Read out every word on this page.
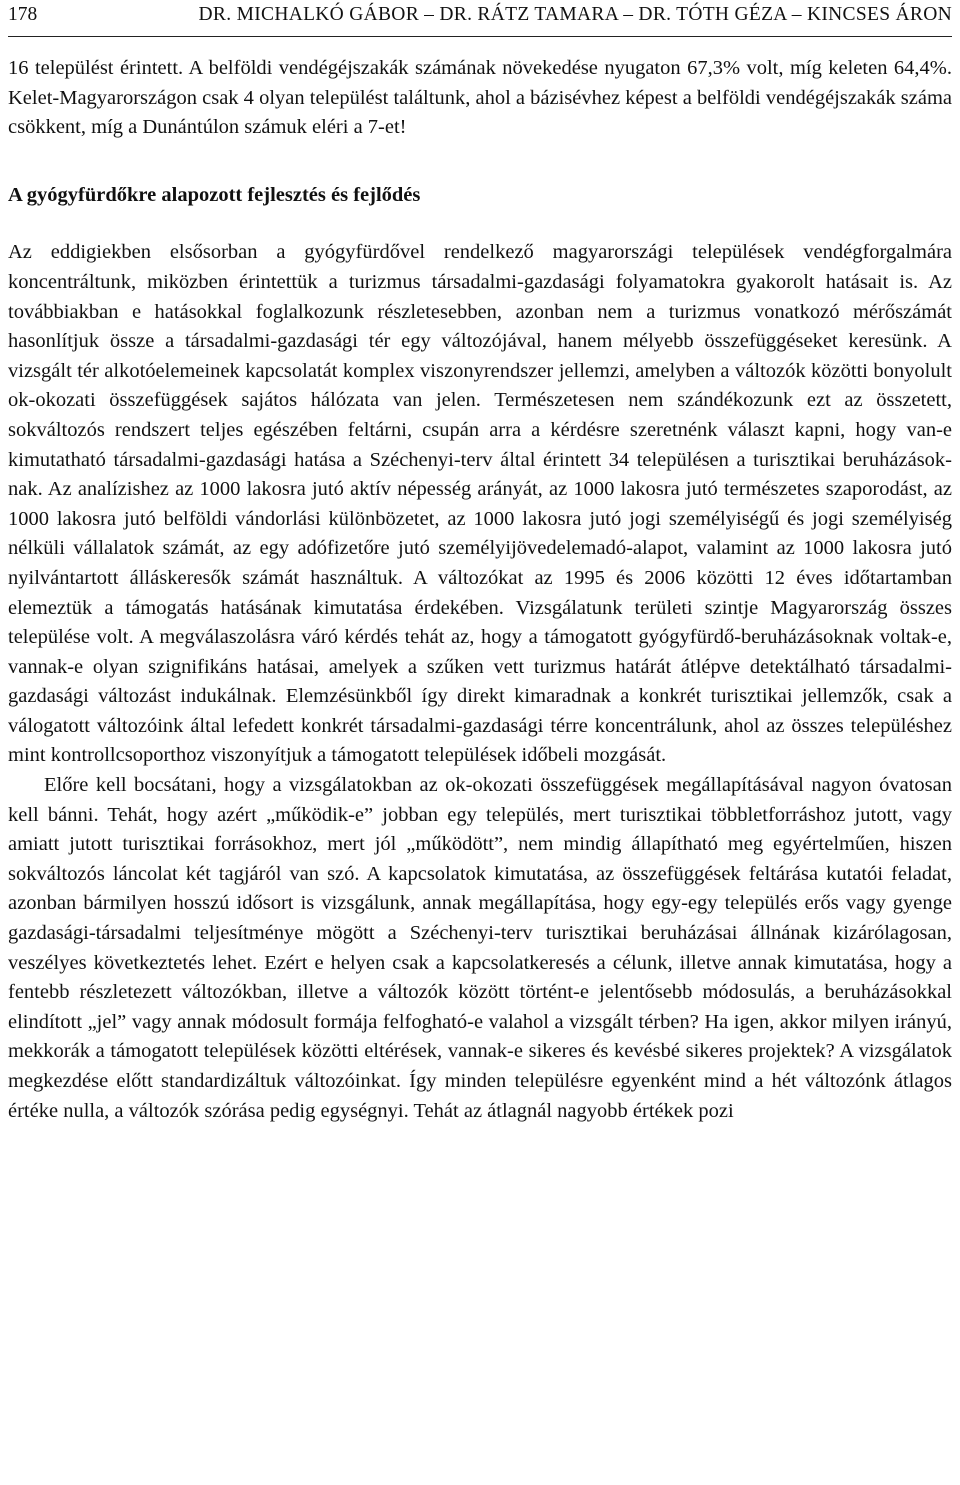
178	DR. MICHALKÓ GÁBOR – DR. RÁTZ TAMARA – DR. TÓTH GÉZA – KINCSES ÁRON

16 települést érintett. A belföldi vendégéjszakák számának növekedése nyugaton 67,3% volt, míg keleten 64,4%. Kelet-Magyarországon csak 4 olyan települést találtunk, ahol a bázisévhez képest a belföldi vendégéjszakák száma csökkent, míg a Dunántúlon számuk eléri a 7-et!

A gyógyfürdőkre alapozott fejlesztés és fejlődés

Az eddigiekben elsősorban a gyógyfürdővel rendelkező magyarországi települések vendégforgalmára koncentráltunk, miközben érintettük a turizmus társadalmi-gazdasági folyamatokra gyakorolt hatásait is. Az továbbiakban e hatásokkal foglalkozunk részletesebben, azonban nem a turizmus vonatkozó mérőszámát hasonlítjuk össze a társadalmi-gazdasági tér egy változójával, hanem mélyebb összefüggéseket keresünk. A vizsgált tér alkotóelemeinek kapcsolatát komplex viszonyrendszer jellemzi, amelyben a változók közötti bonyolult ok-okozati összefüggések sajátos hálózata van jelen. Természetesen nem szándékozunk ezt az összetett, sokváltozós rendszert teljes egészében feltárni, csupán arra a kérdésre szeretnénk választ kapni, hogy van-e kimutatható társadalmi-gazdasági hatása a Széchenyi-terv által érintett 34 településen a turisztikai beruházásoknak. Az analízishez az 1000 lakosra jutó aktív népesség arányát, az 1000 lakosra jutó természetes szaporodást, az 1000 lakosra jutó belföldi vándorlási különbözetet, az 1000 lakosra jutó jogi személyiségű és jogi személyiség nélküli vállalatok számát, az egy adófizetőre jutó személyijövedelemadó-alapot, valamint az 1000 lakosra jutó nyilvántartott álláskeresők számát használtuk. A változókat az 1995 és 2006 közötti 12 éves időtartamban elemeztük a támogatás hatásának kimutatása érdekében. Vizsgálatunk területi szintje Magyarország összes települése volt. A megválaszolásra váró kérdés tehát az, hogy a támogatott gyógyfürdő-beruházásoknak voltak-e, vannak-e olyan szignifikáns hatásai, amelyek a szűken vett turizmus határát átlépve detektálható társadalmi-gazdasági változást indukálnak. Elemzésünkből így direkt kimaradnak a konkrét turisztikai jellemzők, csak a válogatott változóink által lefedett konkrét társadalmi-gazdasági térre koncentrálunk, ahol az összes településhez mint kontrollcsoporthoz viszonyítjuk a támogatott települések időbeli mozgását.

Előre kell bocsátani, hogy a vizsgálatokban az ok-okozati összefüggések megállapításával nagyon óvatosan kell bánni. Tehát, hogy azért „működik-e” jobban egy település, mert turisztikai többletforráshoz jutott, vagy amiatt jutott turisztikai forrásokhoz, mert jól „működött”, nem mindig állapítható meg egyértelműen, hiszen sokváltozós láncolat két tagjáról van szó. A kapcsolatok kimutatása, az összefüggések feltárása kutatói feladat, azonban bármilyen hosszú idősort is vizsgálunk, annak megállapítása, hogy egy-egy település erős vagy gyenge gazdasági-társadalmi teljesítménye mögött a Széchenyi-terv turisztikai beruházásai állnának kizárólagosan, veszélyes következtetés lehet. Ezért e helyen csak a kapcsolatkeresés a célunk, illetve annak kimutatása, hogy a fentebb részletezett változókban, illetve a változók között történt-e jelentősebb módosulás, a beruházásokkal elindított „jel” vagy annak módosult formája felfogható-e valahol a vizsgált térben? Ha igen, akkor milyen irányú, mekkorák a támogatott települések közötti eltérések, vannak-e sikeres és kevésbé sikeres projektek? A vizsgálatok megkezdése előtt standardizáltuk változóinkat. Így minden településre egyenként mind a hét változónk átlagos értéke nulla, a változók szórása pedig egységnyi. Tehát az átlagnál nagyobb értékek pozi
